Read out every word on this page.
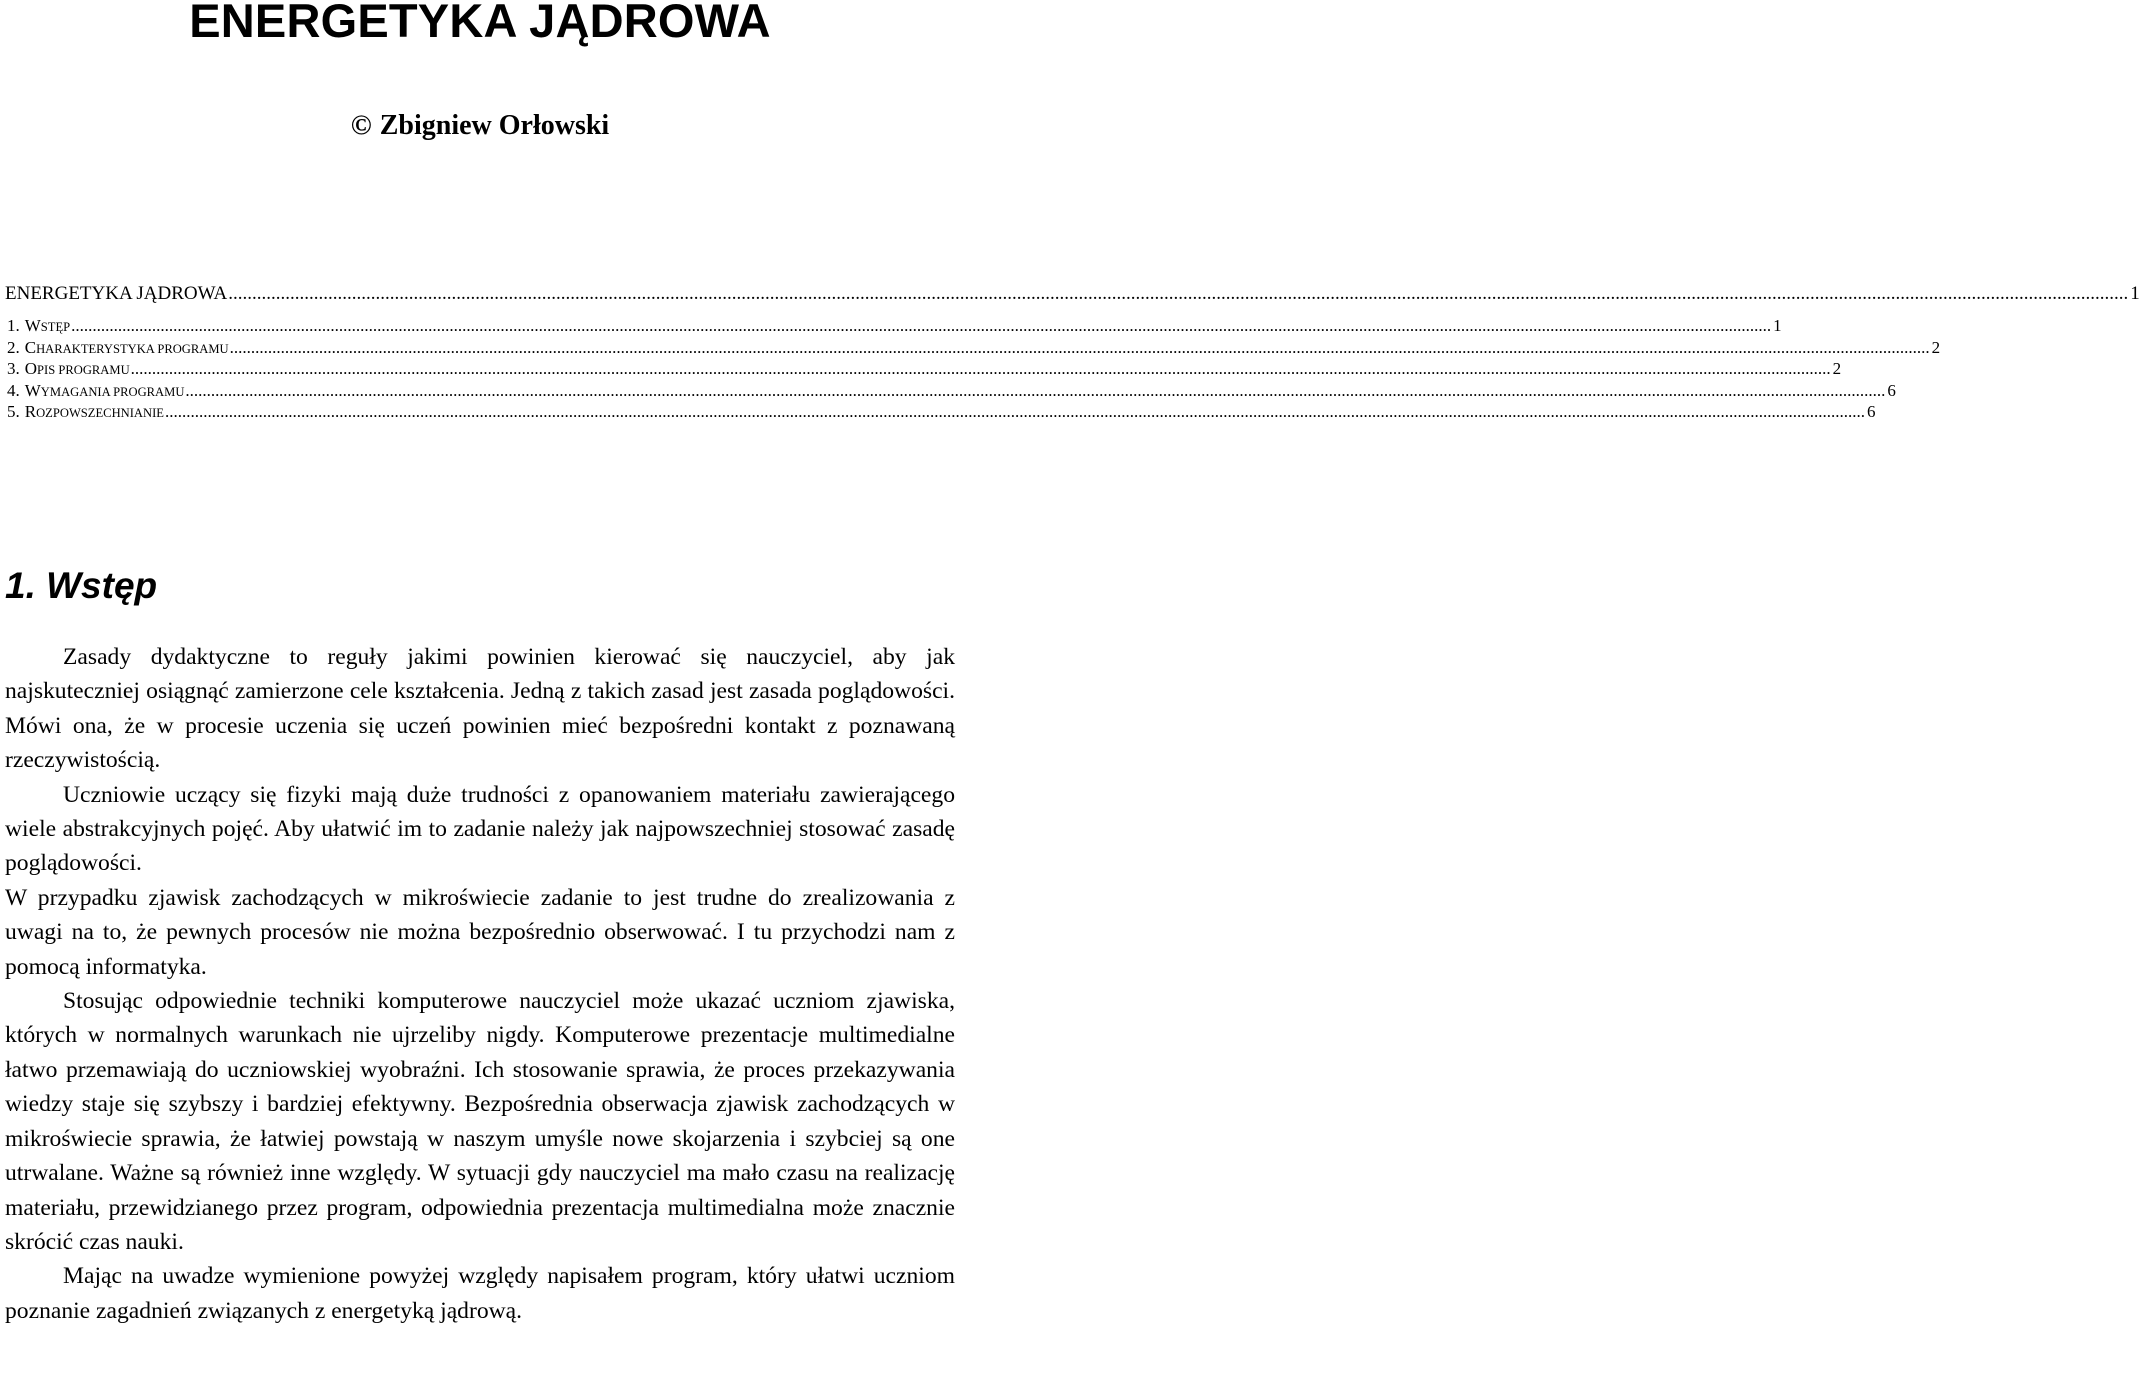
ENERGETYKA JĄDROWA
© Zbigniew Orłowski
ENERGETYKA JĄDROWA ................................................................................................................................................................................................................................................................................................................................................................................................................ 1
1. WSTĘP ................................................................................................................................................................................................................................................................................................................................................................................................................ 1
2. CHARAKTERYSTYKA PROGRAMU ................................................................................................................................................................................................................................................................................................................................................................................................................ 2
3. OPIS PROGRAMU ................................................................................................................................................................................................................................................................................................................................................................................................................ 2
4. WYMAGANIA PROGRAMU ................................................................................................................................................................................................................................................................................................................................................................................................................ 6
5. ROZPOWSZECHNIANIE ................................................................................................................................................................................................................................................................................................................................................................................................................ 6
1. Wstęp

Zasady dydaktyczne to reguły jakimi powinien kierować się nauczyciel, aby jak najskuteczniej osiągnąć zamierzone cele kształcenia. Jedną z takich zasad jest zasada poglądowości. Mówi ona, że w procesie uczenia się uczeń powinien mieć bezpośredni kontakt z poznawaną rzeczywistością.

Uczniowie uczący się fizyki mają duże trudności z opanowaniem materiału zawierającego wiele abstrakcyjnych pojęć. Aby ułatwić im to zadanie należy jak najpowszechniej stosować zasadę poglądowości.

W przypadku zjawisk zachodzących w mikroświecie zadanie to jest trudne do zrealizowania z uwagi na to, że pewnych procesów nie można bezpośrednio obserwować. I tu przychodzi nam z pomocą informatyka.

Stosując odpowiednie techniki komputerowe nauczyciel może ukazać uczniom zjawiska, których w normalnych warunkach nie ujrzeliby nigdy. Komputerowe prezentacje multimedialne łatwo przemawiają do uczniowskiej wyobraźni. Ich stosowanie sprawia, że proces przekazywania wiedzy staje się szybszy i bardziej efektywny. Bezpośrednia obserwacja zjawisk zachodzących w mikroświecie sprawia, że łatwiej powstają w naszym umyśle nowe skojarzenia i szybciej są one utrwalane. Ważne są również inne względy. W sytuacji gdy nauczyciel ma mało czasu na realizację materiału, przewidzianego przez program, odpowiednia prezentacja multimedialna może znacznie skrócić czas nauki.

Mając na uwadze wymienione powyżej względy napisałem program, który ułatwi uczniom poznanie zagadnień związanych z energetyką jądrową.
